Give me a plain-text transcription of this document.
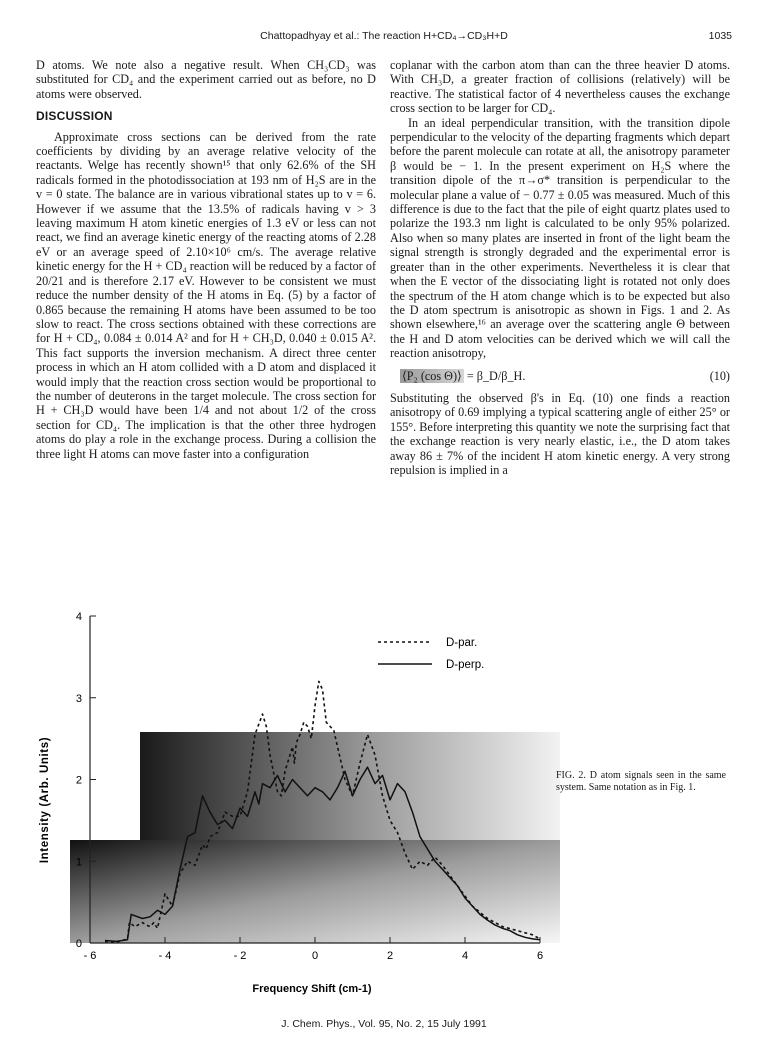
Chattopadhyay et al.: The reaction H+CD₄→CD₃H+D	1035

D atoms. We note also a negative result. When CH₃CD₃ was substituted for CD₄ and the experiment carried out as before, no D atoms were observed.

DISCUSSION

Approximate cross sections can be derived from the rate coefficients by dividing by an average relative velocity of the reactants. Welge has recently shown¹⁵ that only 62.6% of the SH radicals formed in the photodissociation at 193 nm of H₂S are in the v = 0 state. The balance are in various vibrational states up to v = 6. However if we assume that the 13.5% of radicals having v > 3 leaving maximum H atom kinetic energies of 1.3 eV or less can not react, we find an average kinetic energy of the reacting atoms of 2.28 eV or an average speed of 2.10×10⁶ cm/s. The average relative kinetic energy for the H + CD₄ reaction will be reduced by a factor of 20/21 and is therefore 2.17 eV. However to be consistent we must reduce the number density of the H atoms in Eq. (5) by a factor of 0.865 because the remaining H atoms have been assumed to be too slow to react. The cross sections obtained with these corrections are for H + CD₄, 0.084 ± 0.014 A² and for H + CH₃D, 0.040 ± 0.015 A². This fact supports the inversion mechanism. A direct three center process in which an H atom collided with a D atom and displaced it would imply that the reaction cross section would be proportional to the number of deuterons in the target molecule. The cross section for H + CH₃D would have been 1/4 and not about 1/2 of the cross section for CD₄. The implication is that the other three hydrogen atoms do play a role in the exchange process. During a collision the three light H atoms can move faster into a configuration

coplanar with the carbon atom than can the three heavier D atoms. With CH₃D, a greater fraction of collisions (relatively) will be reactive. The statistical factor of 4 nevertheless causes the exchange cross section to be larger for CD₄.

In an ideal perpendicular transition, with the transition dipole perpendicular to the velocity of the departing fragments which depart before the parent molecule can rotate at all, the anisotropy parameter β would be − 1. In the present experiment on H₂S where the transition dipole of the π→σ* transition is perpendicular to the molecular plane a value of − 0.77 ± 0.05 was measured. Much of this difference is due to the fact that the pile of eight quartz plates used to polarize the 193.3 nm light is calculated to be only 95% polarized. Also when so many plates are inserted in front of the light beam the signal strength is strongly degraded and the experimental error is greater than in the other experiments. Nevertheless it is clear that when the E vector of the dissociating light is rotated not only does the spectrum of the H atom change which is to be expected but also the D atom spectrum is anisotropic as shown in Figs. 1 and 2. As shown elsewhere,¹⁶ an average over the scattering angle Θ between the H and D atom velocities can be derived which we will call the reaction anisotropy,

⟨P₂ (cos Θ)⟩ = β_D/β_H.	(10)

Substituting the observed β's in Eq. (10) one finds a reaction anisotropy of 0.69 implying a typical scattering angle of either 25° or 155°. Before interpreting this quantity we note the surprising fact that the exchange reaction is very nearly elastic, i.e., the D atom takes away 86 ± 7% of the incident H atom kinetic energy. A very strong repulsion is implied in a

0
1
2
3
4
- 6	- 4	- 2	0	2	4	6
D-par.
D-perp.
Intensity (Arb. Units)
Frequency Shift (cm-1)
FIG. 2. D atom signals seen in the same system. Same notation as in Fig. 1.
J. Chem. Phys., Vol. 95, No. 2, 15 July 1991
